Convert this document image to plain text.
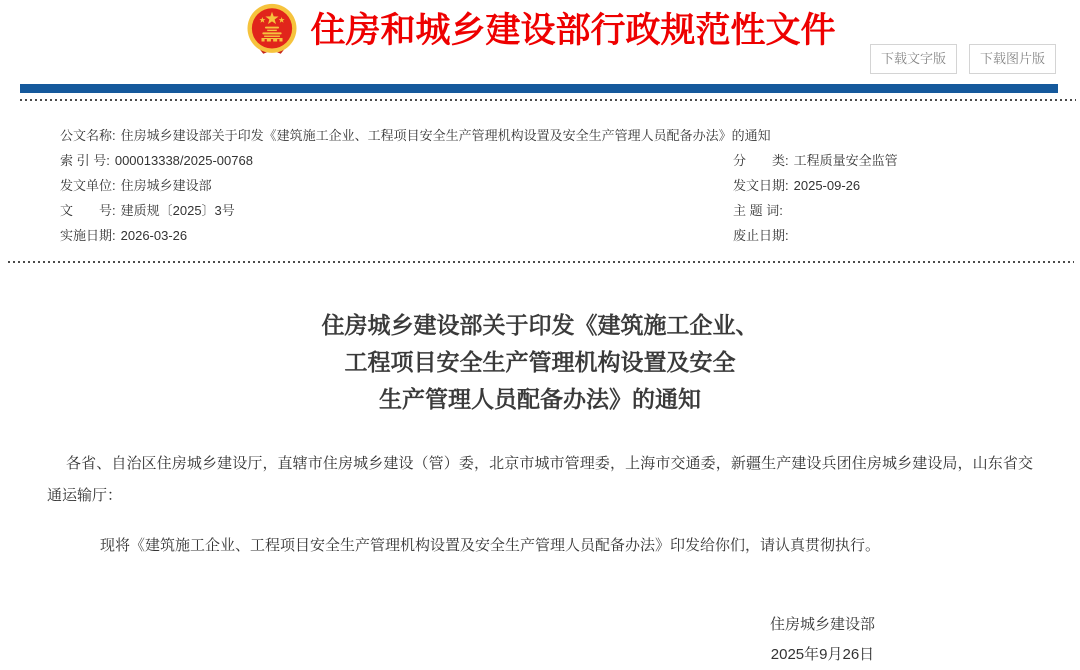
住房和城乡建设部行政规范性文件
下载文字版	下载图片版
公文名称: 住房城乡建设部关于印发《建筑施工企业、工程项目安全生产管理机构设置及安全生产管理人员配备办法》的通知
索 引 号: 000013338/2025-00768	分　　类: 工程质量安全监管
发文单位: 住房城乡建设部	发文日期: 2025-09-26
文　　号: 建质规〔2025〕3号	主 题 词:
实施日期: 2026-03-26	废止日期:
住房城乡建设部关于印发《建筑施工企业、
工程项目安全生产管理机构设置及安全
生产管理人员配备办法》的通知

各省、自治区住房城乡建设厅，直辖市住房城乡建设（管）委，北京市城市管理委，上海市交通委，新疆生产建设兵团住房城乡建设局，山东省交通运输厅：

现将《建筑施工企业、工程项目安全生产管理机构设置及安全生产管理人员配备办法》印发给你们，请认真贯彻执行。

住房城乡建设部
2025年9月26日
